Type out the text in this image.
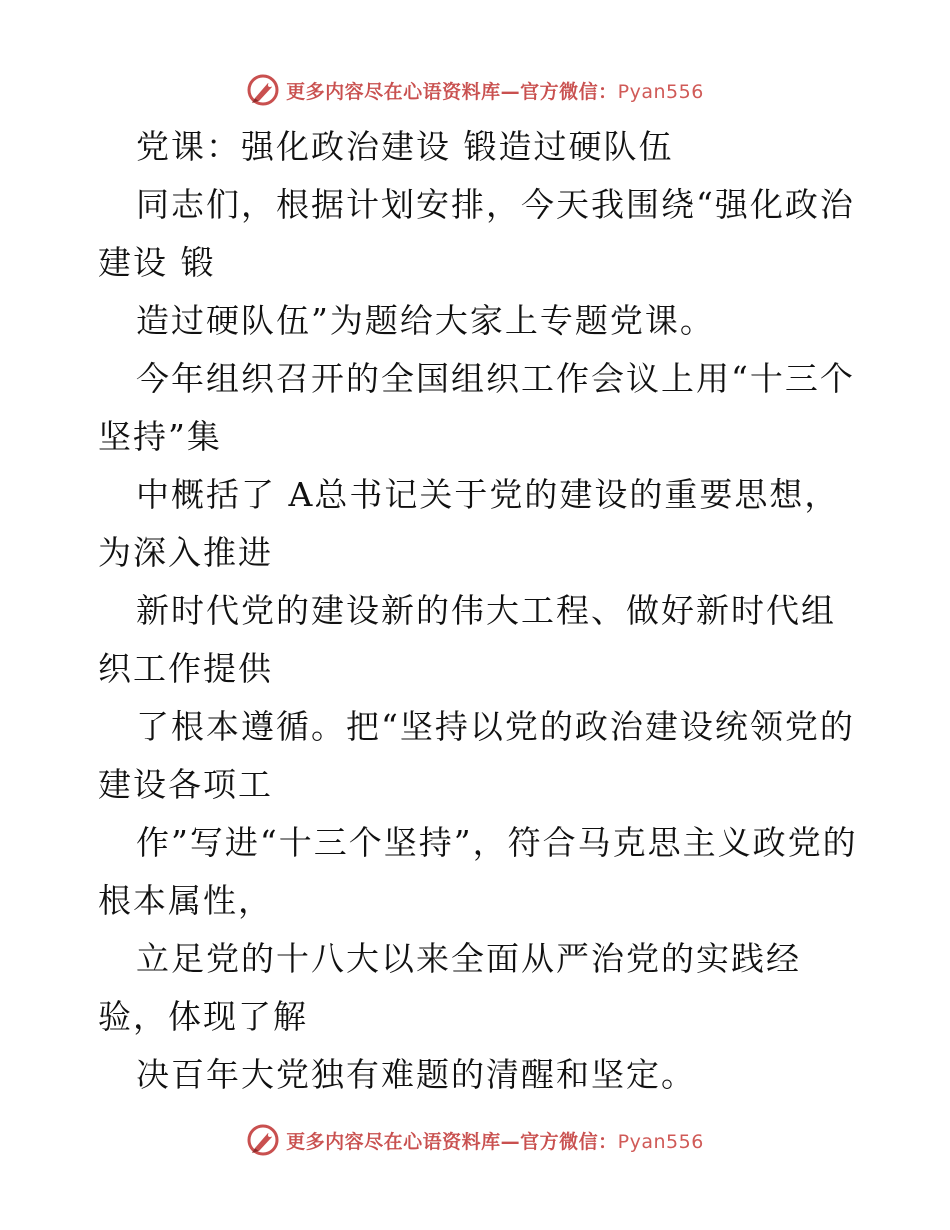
更多内容尽在心语资料库—官方微信：Pyan556

党课：强化政治建设 锻造过硬队伍

同志们，根据计划安排，今天我围绕“强化政治建设 锻

造过硬队伍”为题给大家上专题党课。

今年组织召开的全国组织工作会议上用“十三个坚持”集

中概括了 A总书记关于党的建设的重要思想，为深入推进

新时代党的建设新的伟大工程、做好新时代组织工作提供

了根本遵循。把“坚持以党的政治建设统领党的建设各项工

作”写进“十三个坚持”，符合马克思主义政党的根本属性，

立足党的十八大以来全面从严治党的实践经验，体现了解

决百年大党独有难题的清醒和坚定。

更多内容尽在心语资料库—官方微信：Pyan556
